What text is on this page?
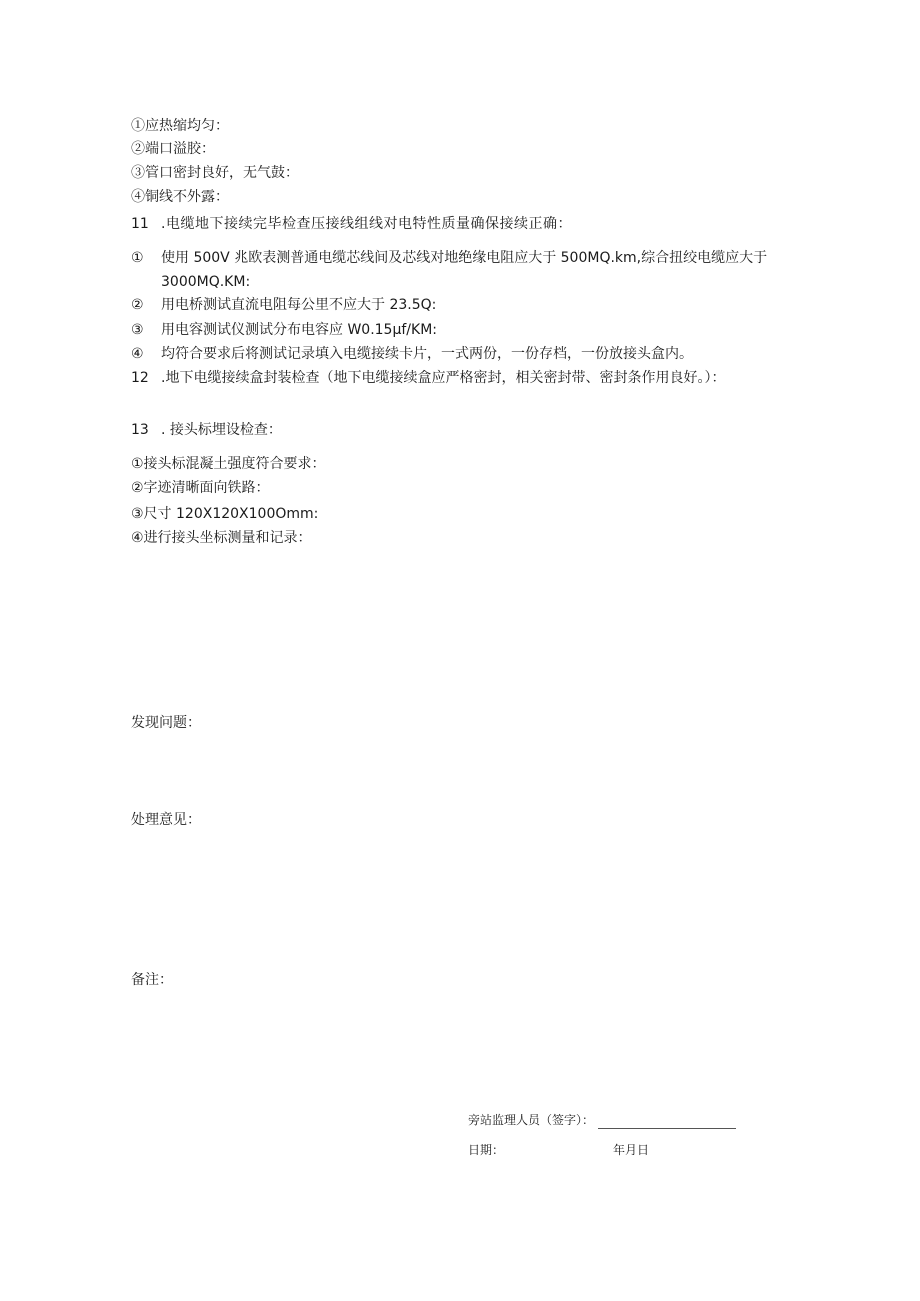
①应热缩均匀：
②端口溢胶：
③管口密封良好，无气鼓：
④铜线不外露：
11 .电缆地下接续完毕检查压接线组线对电特性质量确保接续正确：
① 使用 500V 兆欧表测普通电缆芯线间及芯线对地绝缘电阻应大于 500MQ.km,综合扭绞电缆应大于
3000MQ.KM:
② 用电桥测试直流电阻每公里不应大于 23.5Q:
③ 用电容测试仪测试分布电容应 W0.15μf/KM:
④ 均符合要求后将测试记录填入电缆接续卡片，一式两份，一份存档，一份放接头盒内。
12 .地下电缆接续盒封装检查（地下电缆接续盒应严格密封，相关密封带、密封条作用良好。）：
13 . 接头标埋设检查：
①接头标混凝土强度符合要求：
②字迹清晰面向铁路：
③尺寸 120X120X100Omm:
④进行接头坐标测量和记录：
发现问题：
处理意见：
备注：
旁站监理人员（签字）：
日期：	年月日
